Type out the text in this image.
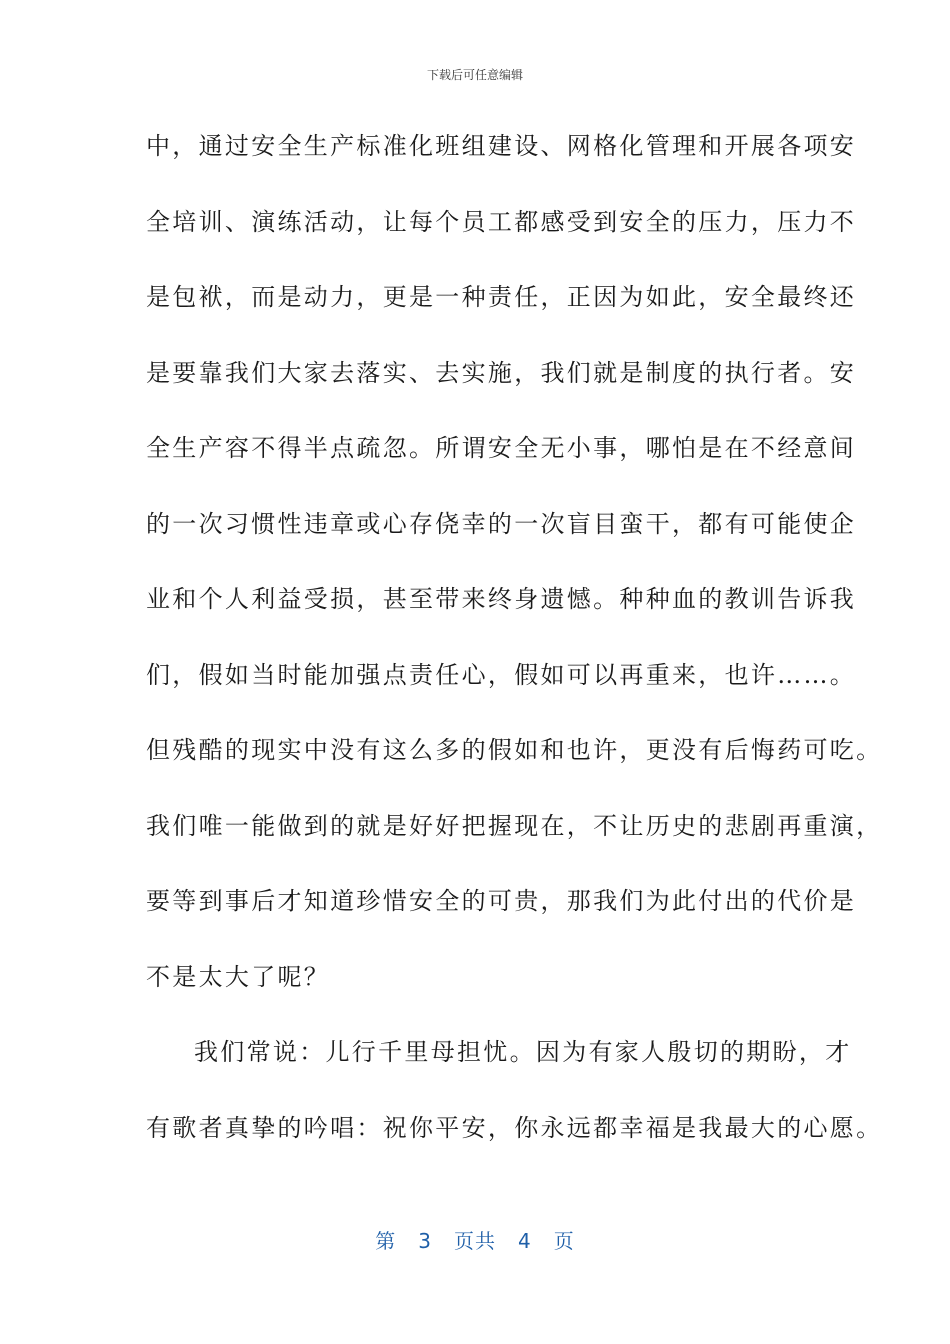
下载后可任意编辑
中，通过安全生产标准化班组建设、网格化管理和开展各项安
全培训、演练活动，让每个员工都感受到安全的压力，压力不
是包袱，而是动力，更是一种责任，正因为如此，安全最终还
是要靠我们大家去落实、去实施，我们就是制度的执行者。安
全生产容不得半点疏忽。所谓安全无小事，哪怕是在不经意间
的一次习惯性违章或心存侥幸的一次盲目蛮干，都有可能使企
业和个人利益受损，甚至带来终身遗憾。种种血的教训告诉我
们，假如当时能加强点责任心，假如可以再重来，也许……。
但残酷的现实中没有这么多的假如和也许，更没有后悔药可吃。
我们唯一能做到的就是好好把握现在，不让历史的悲剧再重演，
要等到事后才知道珍惜安全的可贵，那我们为此付出的代价是
不是太大了呢？
我们常说：儿行千里母担忧。因为有家人殷切的期盼，才
有歌者真挚的吟唱：祝你平安，你永远都幸福是我最大的心愿。
第 3 页共 4 页
